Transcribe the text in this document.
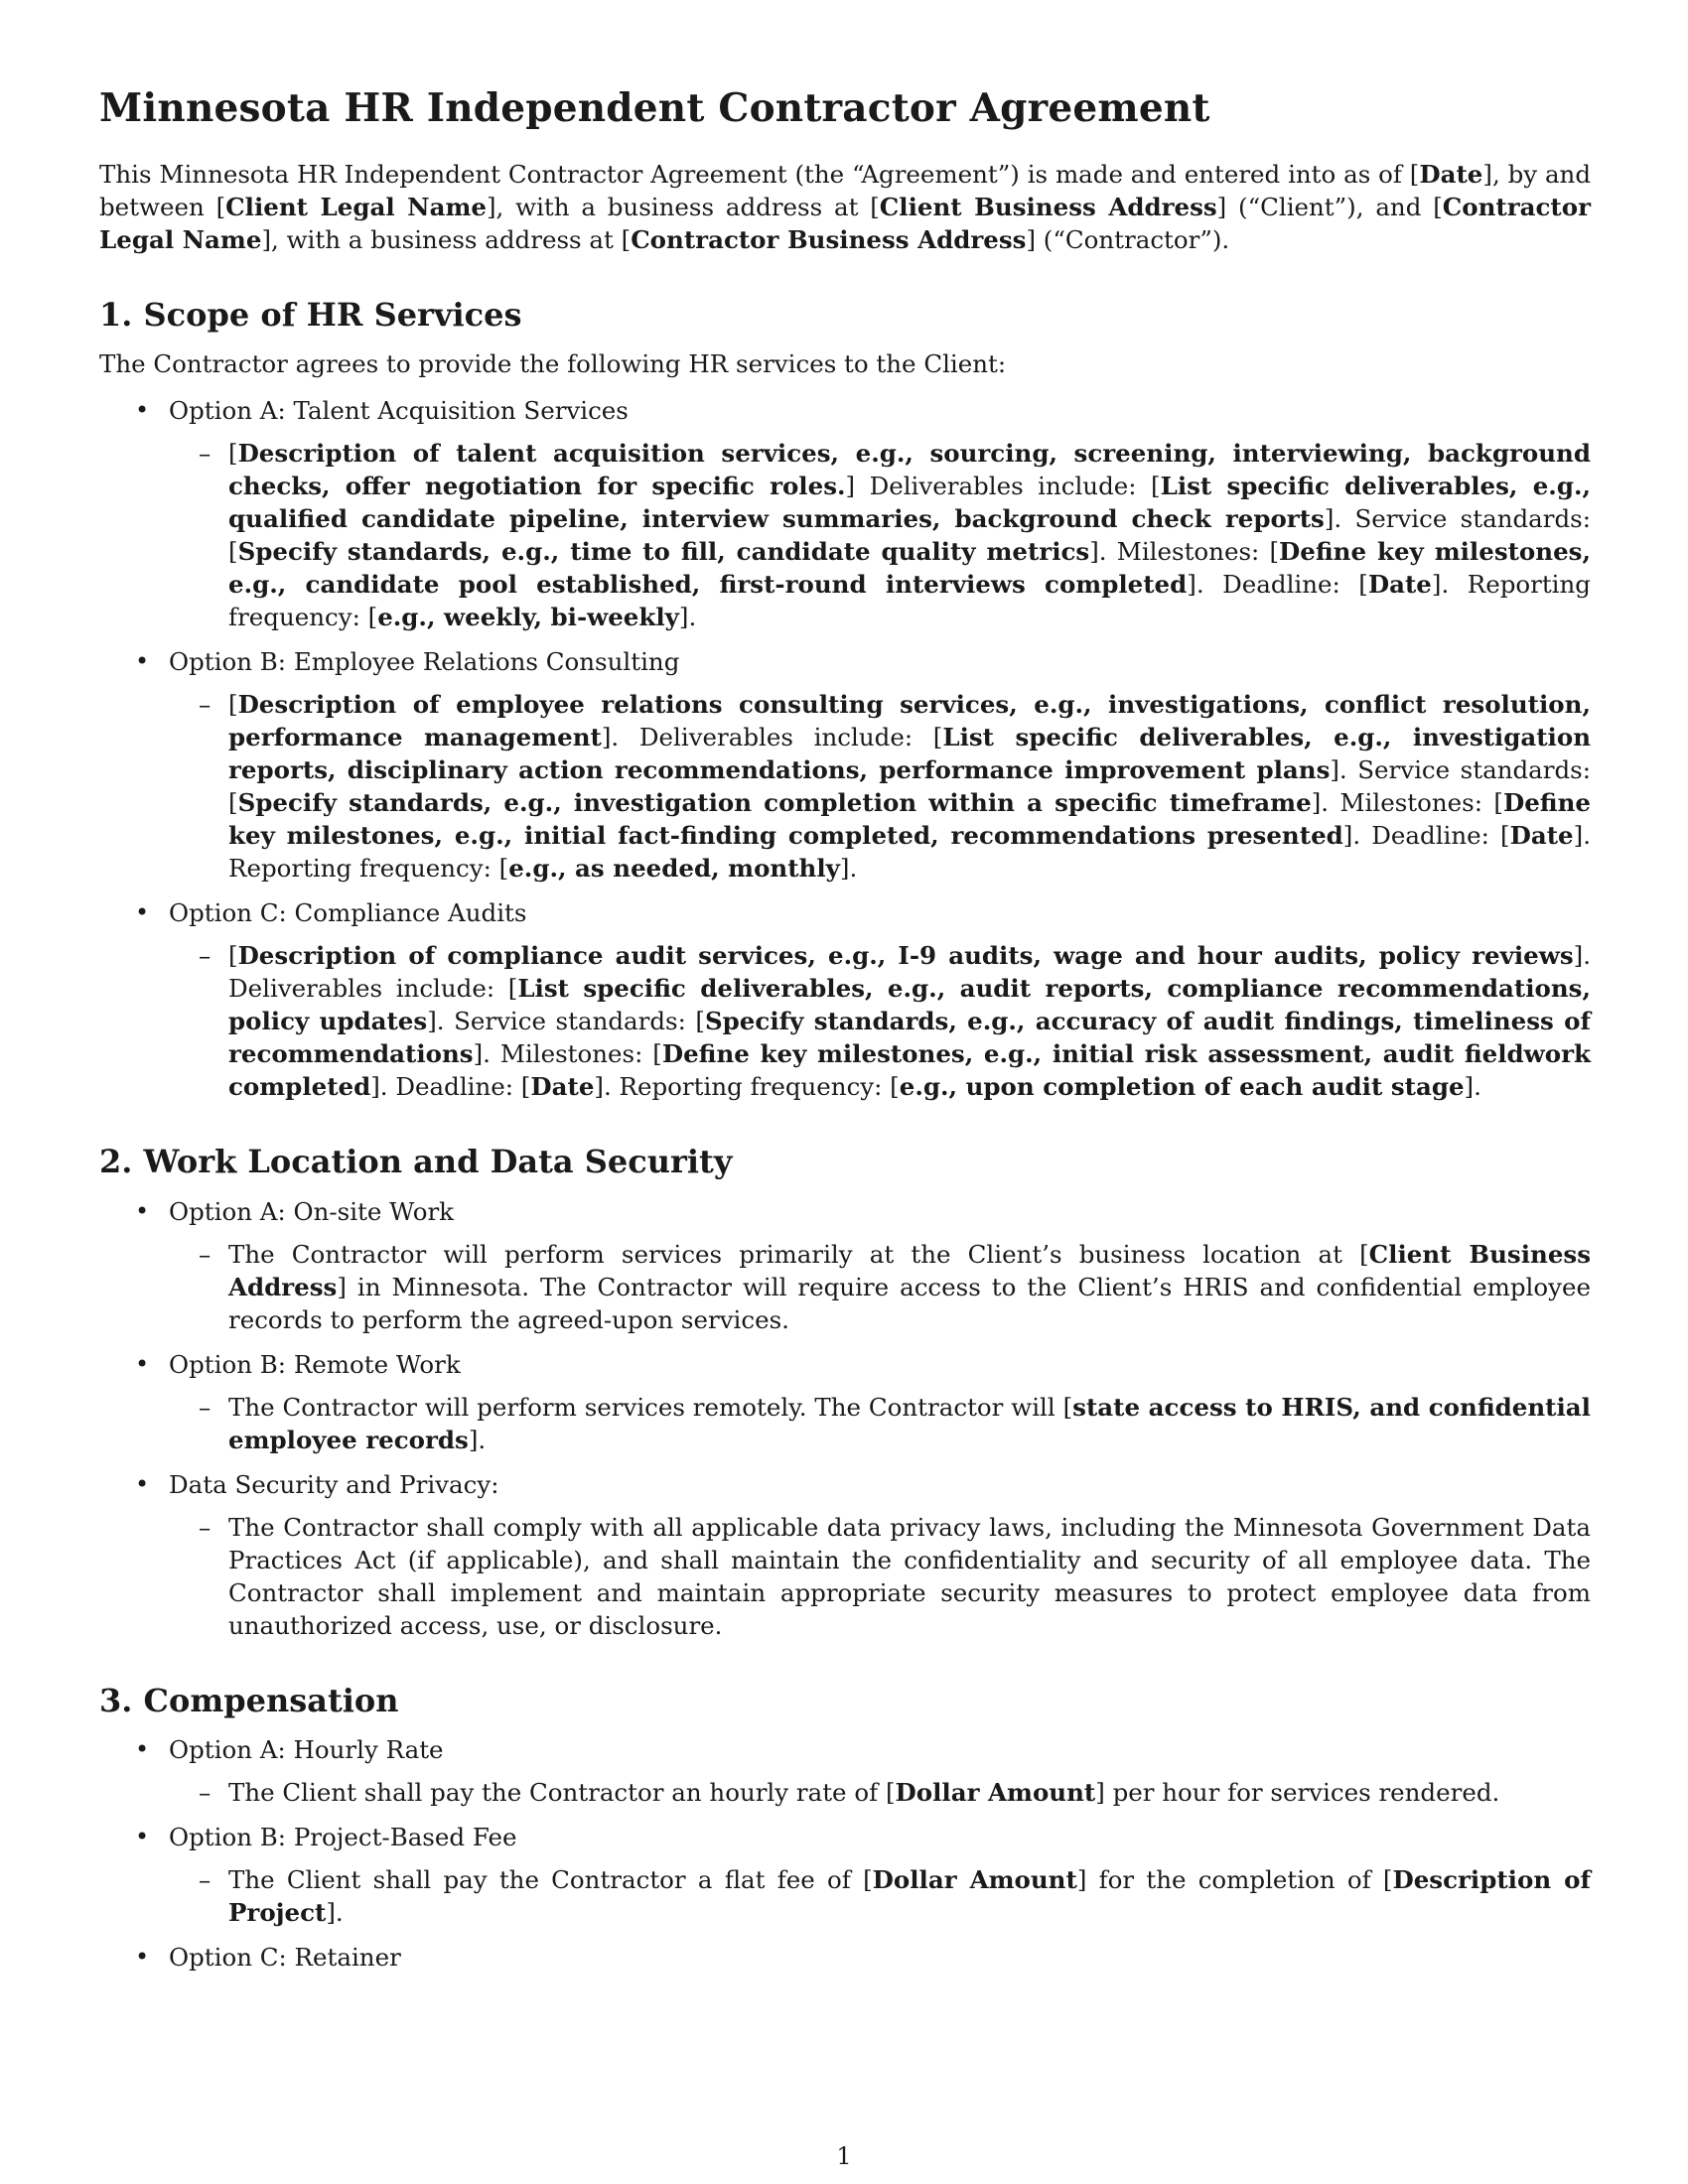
Minnesota HR Independent Contractor Agreement

This Minnesota HR Independent Contractor Agreement (the “Agreement”) is made and entered into as of [Date], by and between [Client Legal Name], with a business address at [Client Business Address] (“Client”), and [Contractor Legal Name], with a business address at [Contractor Business Address] (“Contractor”).

1. Scope of HR Services

The Contractor agrees to provide the following HR services to the Client:

• Option A: Talent Acquisition Services
– [Description of talent acquisition services, e.g., sourcing, screening, interviewing, background checks, offer negotiation for specific roles.] Deliverables include: [List specific deliverables, e.g., qualified candidate pipeline, interview summaries, background check reports]. Service standards: [Specify standards, e.g., time to fill, candidate quality metrics]. Milestones: [Define key milestones, e.g., candidate pool established, first-round interviews completed]. Deadline: [Date]. Reporting frequency: [e.g., weekly, bi-weekly].
• Option B: Employee Relations Consulting
– [Description of employee relations consulting services, e.g., investigations, conflict resolution, performance management]. Deliverables include: [List specific deliverables, e.g., investigation reports, disciplinary action recommendations, performance improvement plans]. Service standards: [Specify standards, e.g., investigation completion within a specific timeframe]. Milestones: [Define key milestones, e.g., initial fact-finding completed, recommendations presented]. Deadline: [Date]. Reporting frequency: [e.g., as needed, monthly].
• Option C: Compliance Audits
– [Description of compliance audit services, e.g., I-9 audits, wage and hour audits, policy reviews]. Deliverables include: [List specific deliverables, e.g., audit reports, compliance recommendations, policy updates]. Service standards: [Specify standards, e.g., accuracy of audit findings, timeliness of recommendations]. Milestones: [Define key milestones, e.g., initial risk assessment, audit fieldwork completed]. Deadline: [Date]. Reporting frequency: [e.g., upon completion of each audit stage].
2. Work Location and Data Security
• Option A: On-site Work
– The Contractor will perform services primarily at the Client’s business location at [Client Business Address] in Minnesota. The Contractor will require access to the Client’s HRIS and confidential employee records to perform the agreed-upon services.
• Option B: Remote Work
– The Contractor will perform services remotely. The Contractor will [state access to HRIS, and confidential employee records].
• Data Security and Privacy:
– The Contractor shall comply with all applicable data privacy laws, including the Minnesota Government Data Practices Act (if applicable), and shall maintain the confidentiality and security of all employee data. The Contractor shall implement and maintain appropriate security measures to protect employee data from unauthorized access, use, or disclosure.
3. Compensation
• Option A: Hourly Rate
– The Client shall pay the Contractor an hourly rate of [Dollar Amount] per hour for services rendered.
• Option B: Project-Based Fee
– The Client shall pay the Contractor a flat fee of [Dollar Amount] for the completion of [Description of Project].
• Option C: Retainer
1
